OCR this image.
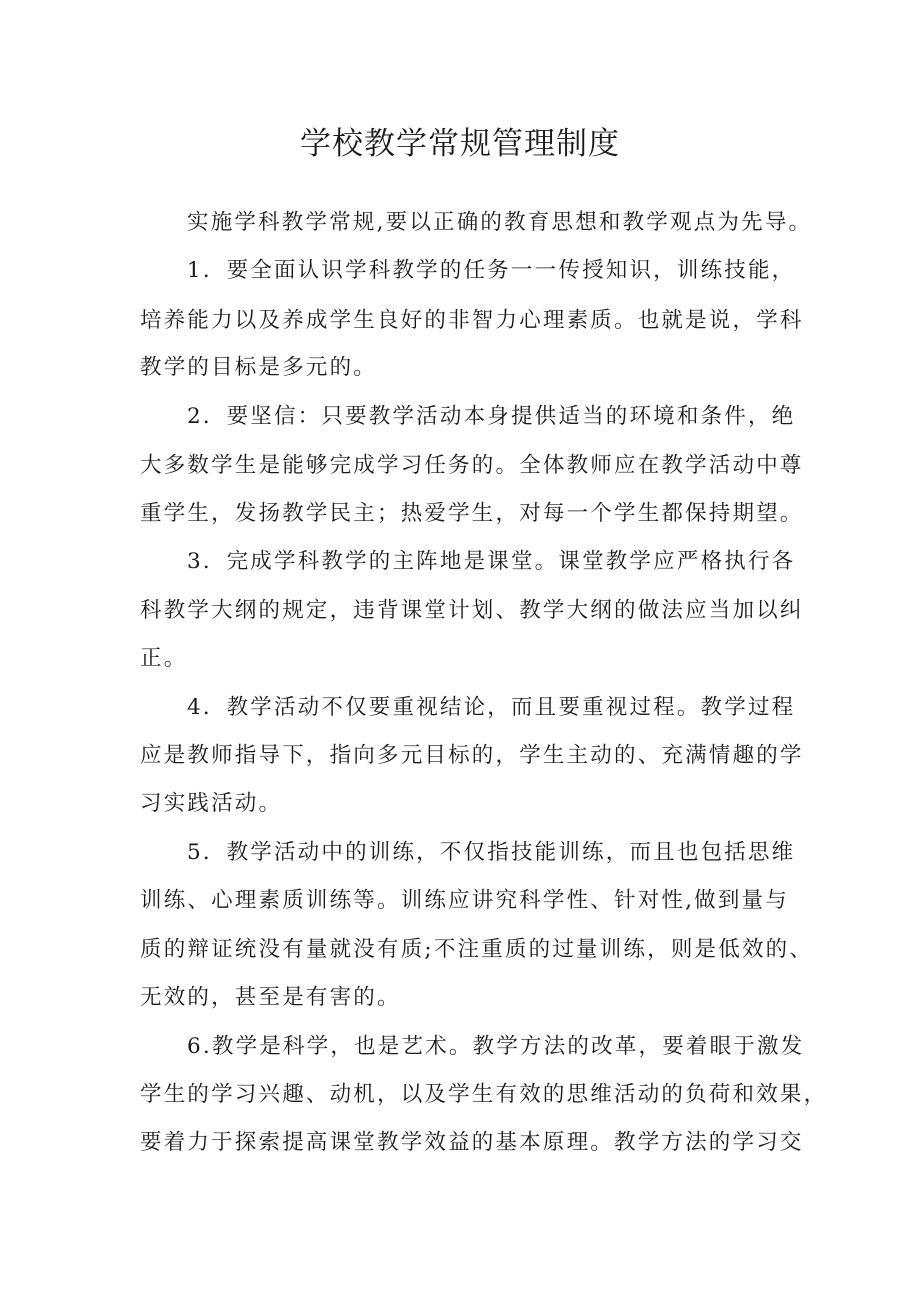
学校教学常规管理制度
实施学科教学常规,要以正确的教育思想和教学观点为先导。
1．要全面认识学科教学的任务一一传授知识，训练技能，
培养能力以及养成学生良好的非智力心理素质。也就是说，学科
教学的目标是多元的。
2．要坚信：只要教学活动本身提供适当的环境和条件，绝
大多数学生是能够完成学习任务的。全体教师应在教学活动中尊
重学生，发扬教学民主；热爱学生，对每一个学生都保持期望。
3．完成学科教学的主阵地是课堂。课堂教学应严格执行各
科教学大纲的规定，违背课堂计划、教学大纲的做法应当加以纠
正。
4．教学活动不仅要重视结论，而且要重视过程。教学过程
应是教师指导下，指向多元目标的，学生主动的、充满情趣的学
习实践活动。
5．教学活动中的训练，不仅指技能训练，而且也包括思维
训练、心理素质训练等。训练应讲究科学性、针对性,做到量与
质的辩证统没有量就没有质;不注重质的过量训练，则是低效的、
无效的，甚至是有害的。
6.教学是科学，也是艺术。教学方法的改革，要着眼于激发
学生的学习兴趣、动机，以及学生有效的思维活动的负荷和效果，
要着力于探索提高课堂教学效益的基本原理。教学方法的学习交
